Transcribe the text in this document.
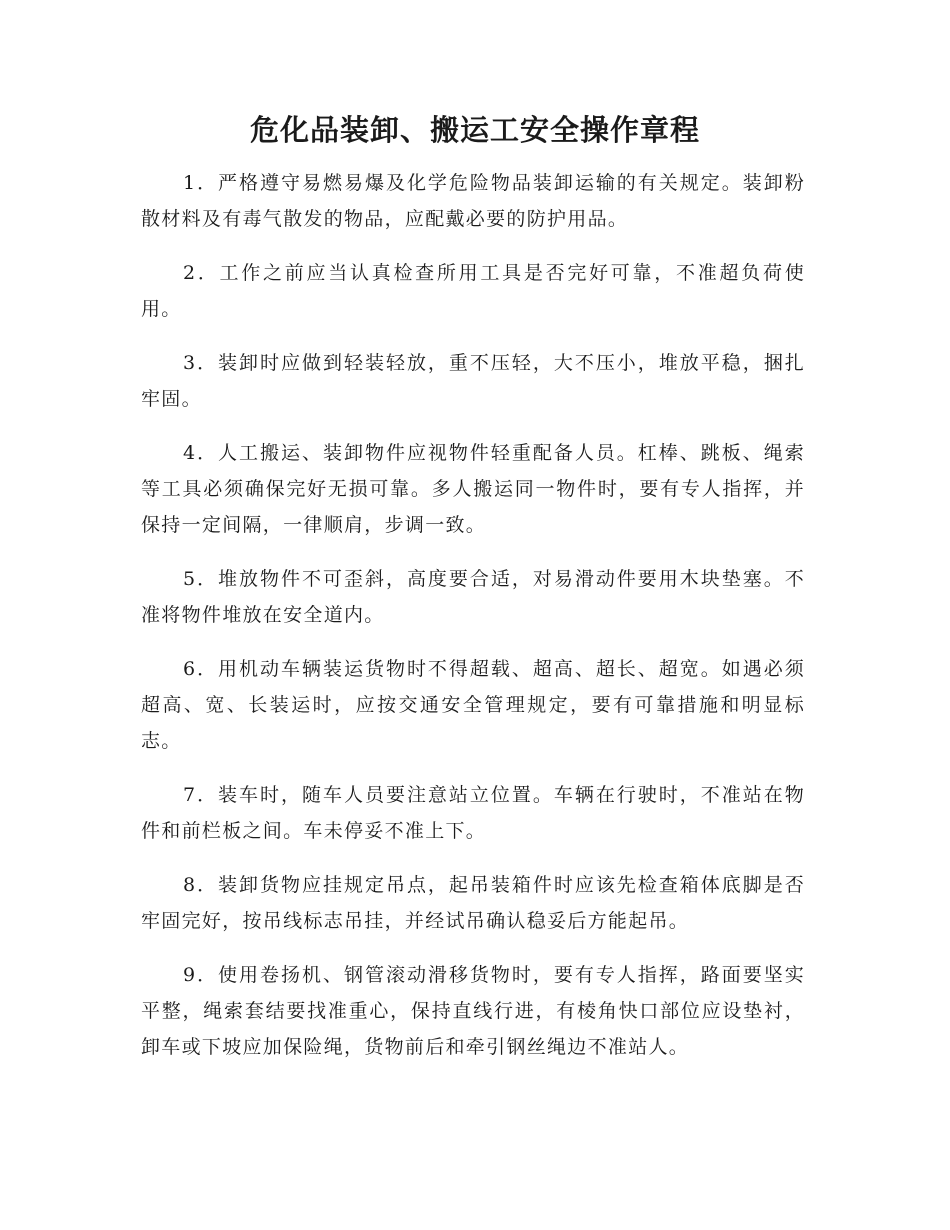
危化品装卸、搬运工安全操作章程

1．严格遵守易燃易爆及化学危险物品装卸运输的有关规定。装卸粉散材料及有毒气散发的物品，应配戴必要的防护用品。

2．工作之前应当认真检查所用工具是否完好可靠，不准超负荷使用。

3．装卸时应做到轻装轻放，重不压轻，大不压小，堆放平稳，捆扎牢固。

4．人工搬运、装卸物件应视物件轻重配备人员。杠棒、跳板、绳索等工具必须确保完好无损可靠。多人搬运同一物件时，要有专人指挥，并保持一定间隔，一律顺肩，步调一致。

5．堆放物件不可歪斜，高度要合适，对易滑动件要用木块垫塞。不准将物件堆放在安全道内。

6．用机动车辆装运货物时不得超载、超高、超长、超宽。如遇必须超高、宽、长装运时，应按交通安全管理规定，要有可靠措施和明显标志。

7．装车时，随车人员要注意站立位置。车辆在行驶时，不准站在物件和前栏板之间。车未停妥不准上下。

8．装卸货物应挂规定吊点，起吊装箱件时应该先检查箱体底脚是否牢固完好，按吊线标志吊挂，并经试吊确认稳妥后方能起吊。

9．使用卷扬机、钢管滚动滑移货物时，要有专人指挥，路面要坚实平整，绳索套结要找准重心，保持直线行进，有棱角快口部位应设垫衬，卸车或下坡应加保险绳，货物前后和牵引钢丝绳边不准站人。
